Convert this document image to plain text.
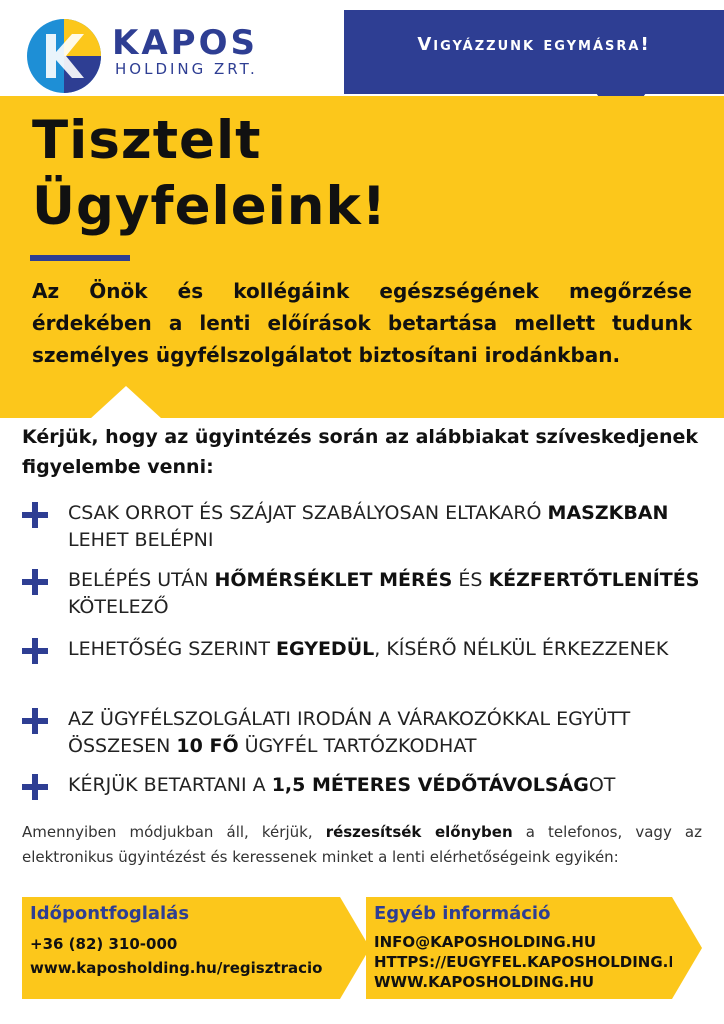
KAPOS
HOLDING ZRT.
Vigyázzunk egymásra!
Tisztelt
Ügyfeleink!
Az Önök és kollégáink egészségének megőrzése érdekében a lenti előírások betartása mellett tudunk személyes ügyfélszolgálatot biztosítani irodánkban.
Kérjük, hogy az ügyintézés során az alábbiakat szíveskedjenek figyelembe venni:
CSAK ORROT ÉS SZÁJAT SZABÁLYOSAN ELTAKARÓ MASZKBAN LEHET BELÉPNI
BELÉPÉS UTÁN HŐMÉRSÉKLET MÉRÉS ÉS KÉZFERTŐTLENÍTÉS KÖTELEZŐ
LEHETŐSÉG SZERINT EGYEDÜL, KÍSÉRŐ NÉLKÜL ÉRKEZZENEK
AZ ÜGYFÉLSZOLGÁLATI IRODÁN A VÁRAKOZÓKKAL EGYÜTT ÖSSZESEN 10 FŐ ÜGYFÉL TARTÓZKODHAT
KÉRJÜK BETARTANI A 1,5 MÉTERES VÉDŐTÁVOLSÁGOT
Amennyiben módjukban áll, kérjük, részesítsék előnyben a telefonos, vagy az elektronikus ügyintézést és keressenek minket a lenti elérhetőségeink egyikén:
Időpontfoglalás
+36 (82) 310-000
www.kaposholding.hu/regisztracio
Egyéb információ
INFO@KAPOSHOLDING.HU
HTTPS://EUGYFEL.KAPOSHOLDING.HU
WWW.KAPOSHOLDING.HU
